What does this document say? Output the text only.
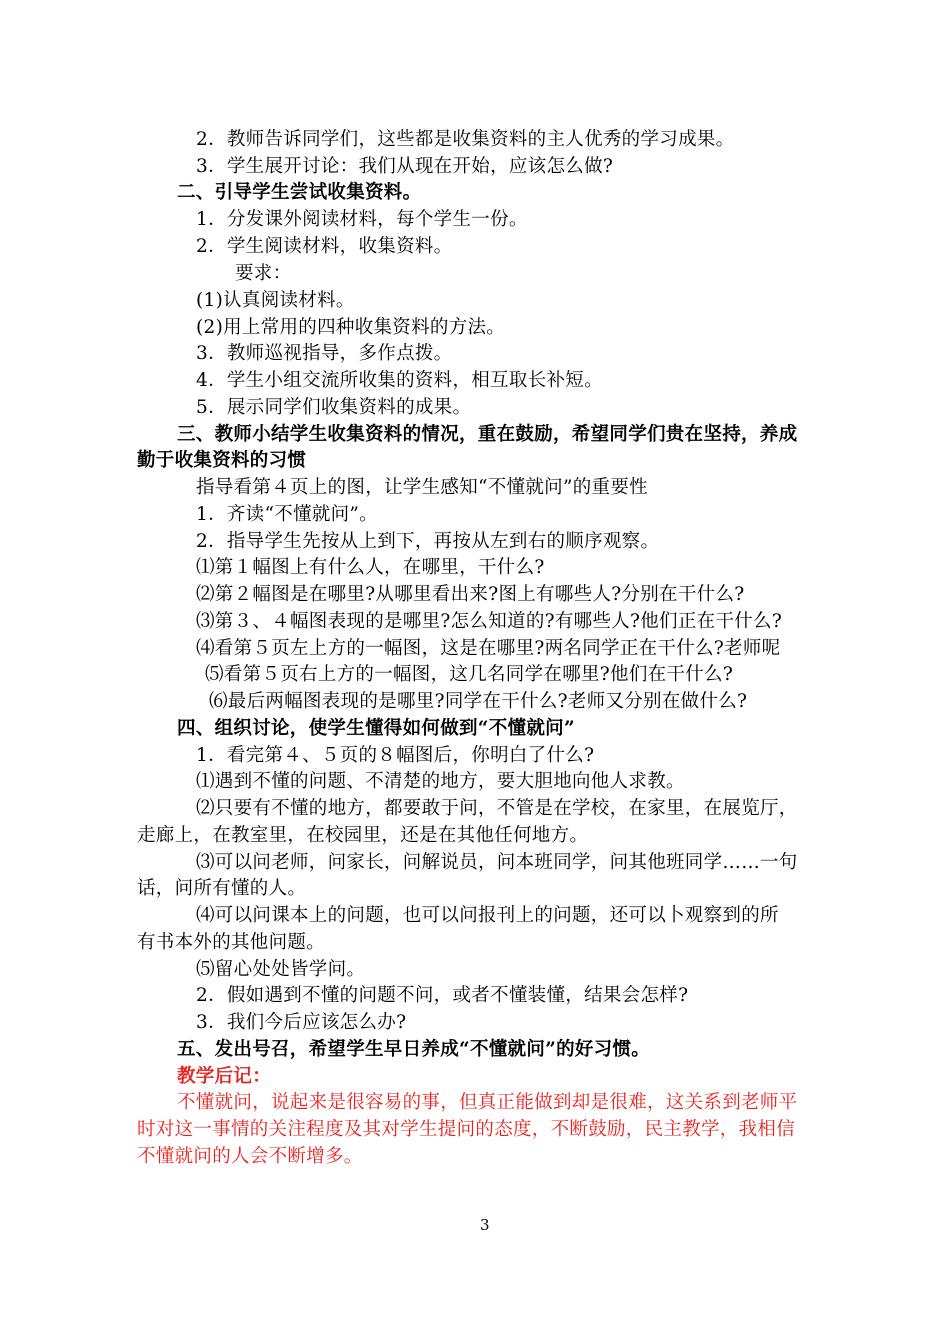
2．教师告诉同学们，这些都是收集资料的主人优秀的学习成果。
3．学生展开讨论：我们从现在开始，应该怎么做?
二、引导学生尝试收集资料。
1．分发课外阅读材料，每个学生一份。
2．学生阅读材料，收集资料。
要求：
(1)认真阅读材料。
(2)用上常用的四种收集资料的方法。
3．教师巡视指导，多作点拨。
4．学生小组交流所收集的资料，相互取长补短。
5．展示同学们收集资料的成果。
三、教师小结学生收集资料的情况，重在鼓励，希望同学们贵在坚持，养成
勤于收集资料的习惯
指导看第４页上的图，让学生感知“不懂就问”的重要性
1．齐读“不懂就问”。
2．指导学生先按从上到下，再按从左到右的顺序观察。
⑴第１幅图上有什么人，在哪里，干什么?
⑵第２幅图是在哪里?从哪里看出来?图上有哪些人?分别在干什么?
⑶第３、４幅图表现的是哪里?怎么知道的?有哪些人?他们正在干什么?
⑷看第５页左上方的一幅图，这是在哪里?两名同学正在干什么?老师呢
⑸看第５页右上方的一幅图，这几名同学在哪里?他们在干什么?
⑹最后两幅图表现的是哪里?同学在干什么?老师又分别在做什么?
四、组织讨论，使学生懂得如何做到“不懂就问”
1．看完第４、５页的８幅图后，你明白了什么?
⑴遇到不懂的问题、不清楚的地方，要大胆地向他人求教。
⑵只要有不懂的地方，都要敢于问，不管是在学校，在家里，在展览厅，
走廊上，在教室里，在校园里，还是在其他任何地方。
⑶可以问老师，问家长，问解说员，问本班同学，问其他班同学……一句
话，问所有懂的人。
⑷可以问课本上的问题，也可以问报刊上的问题，还可以卜观察到的所
有书本外的其他问题。
⑸留心处处皆学问。
2．假如遇到不懂的问题不问，或者不懂装懂，结果会怎样?
3．我们今后应该怎么办?
五、发出号召，希望学生早日养成“不懂就问”的好习惯。
教学后记：
不懂就问，说起来是很容易的事，但真正能做到却是很难，这关系到老师平
时对这一事情的关注程度及其对学生提问的态度，不断鼓励，民主教学，我相信
不懂就问的人会不断增多。
3
